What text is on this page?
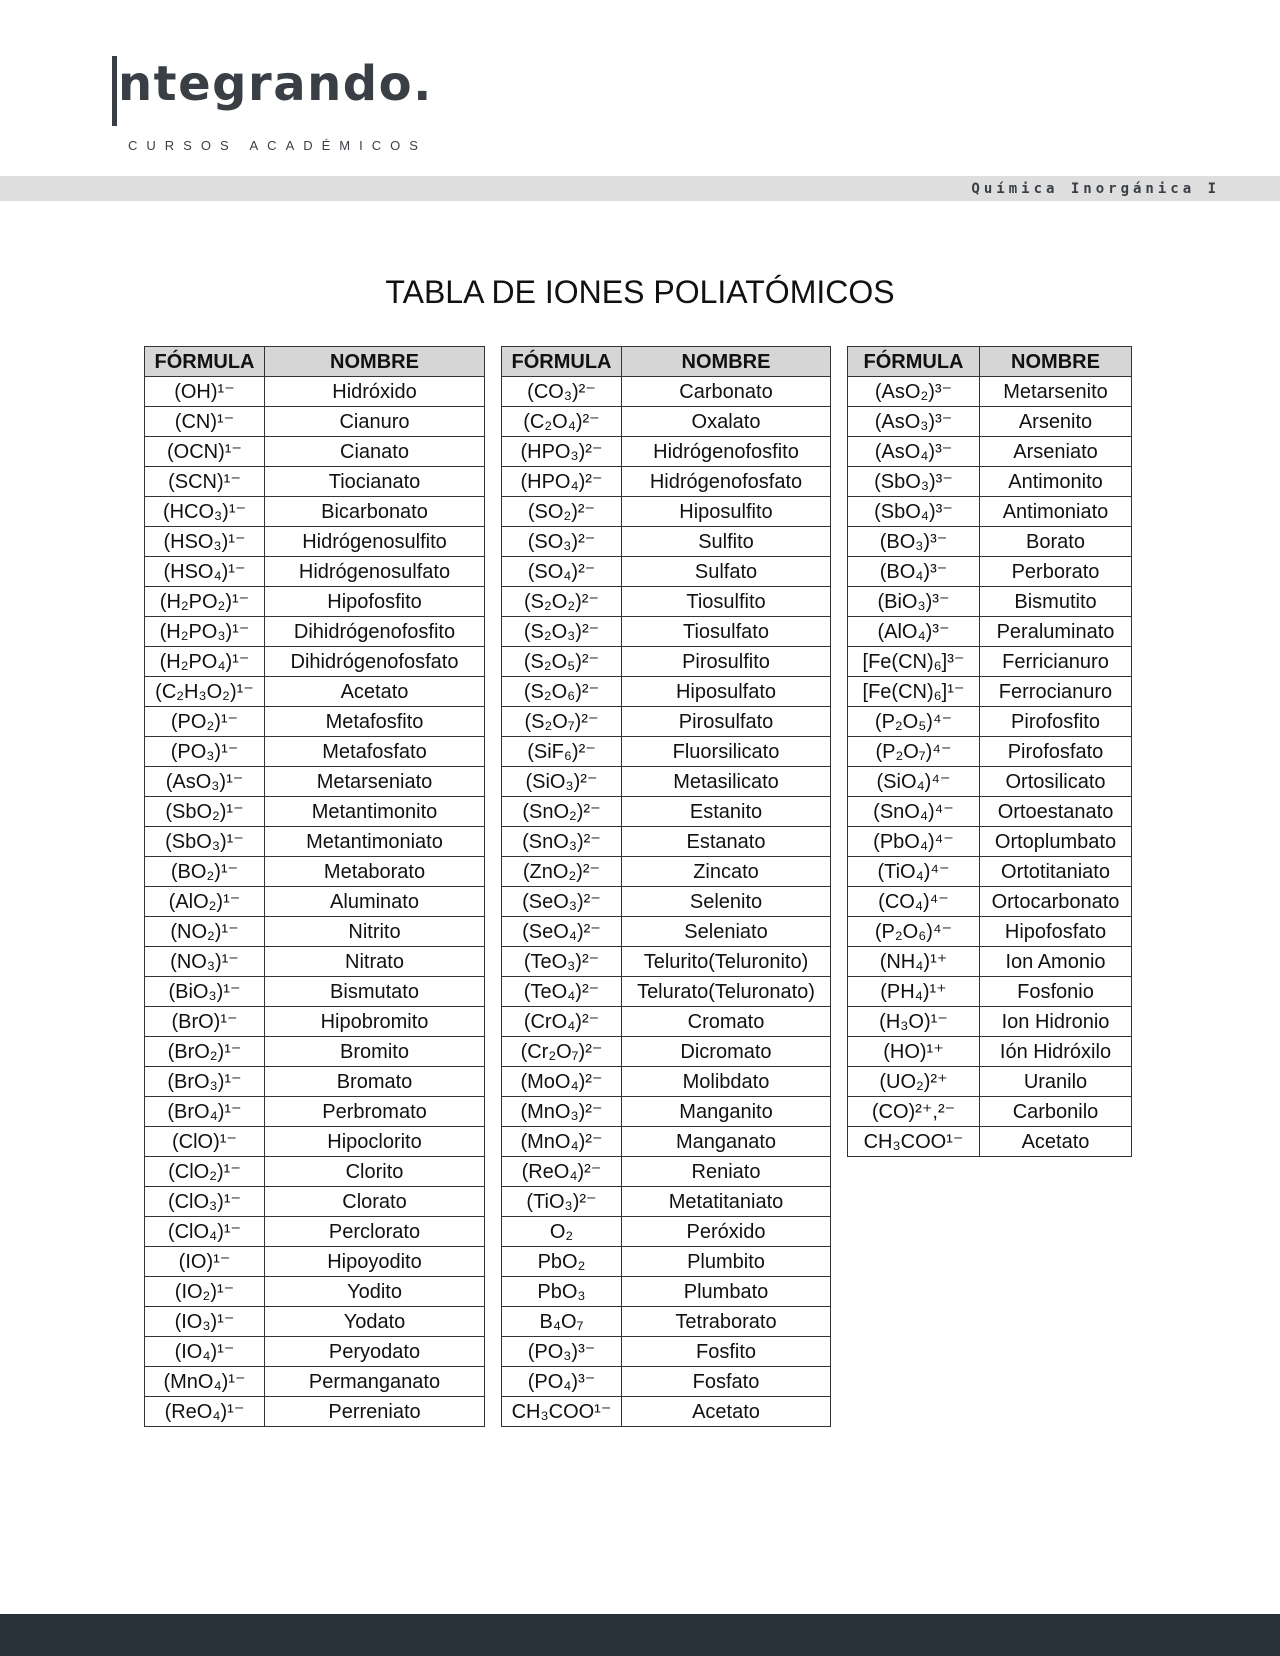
ntegrando.
CURSOS ACADÉMICOS
Química Inorgánica I
TABLA DE IONES POLIATÓMICOS
FÓRMULA	NOMBRE
(OH)¹⁻	Hidróxido
(CN)¹⁻	Cianuro
(OCN)¹⁻	Cianato
(SCN)¹⁻	Tiocianato
(HCO₃)¹⁻	Bicarbonato
(HSO₃)¹⁻	Hidrógenosulfito
(HSO₄)¹⁻	Hidrógenosulfato
(H₂PO₂)¹⁻	Hipofosfito
(H₂PO₃)¹⁻	Dihidrógenofosfito
(H₂PO₄)¹⁻	Dihidrógenofosfato
(C₂H₃O₂)¹⁻	Acetato
(PO₂)¹⁻	Metafosfito
(PO₃)¹⁻	Metafosfato
(AsO₃)¹⁻	Metarseniato
(SbO₂)¹⁻	Metantimonito
(SbO₃)¹⁻	Metantimoniato
(BO₂)¹⁻	Metaborato
(AlO₂)¹⁻	Aluminato
(NO₂)¹⁻	Nitrito
(NO₃)¹⁻	Nitrato
(BiO₃)¹⁻	Bismutato
(BrO)¹⁻	Hipobromito
(BrO₂)¹⁻	Bromito
(BrO₃)¹⁻	Bromato
(BrO₄)¹⁻	Perbromato
(ClO)¹⁻	Hipoclorito
(ClO₂)¹⁻	Clorito
(ClO₃)¹⁻	Clorato
(ClO₄)¹⁻	Perclorato
(IO)¹⁻	Hipoyodito
(IO₂)¹⁻	Yodito
(IO₃)¹⁻	Yodato
(IO₄)¹⁻	Peryodato
(MnO₄)¹⁻	Permanganato
(ReO₄)¹⁻	Perreniato
FÓRMULA	NOMBRE
(CO₃)²⁻	Carbonato
(C₂O₄)²⁻	Oxalato
(HPO₃)²⁻	Hidrógenofosfito
(HPO₄)²⁻	Hidrógenofosfato
(SO₂)²⁻	Hiposulfito
(SO₃)²⁻	Sulfito
(SO₄)²⁻	Sulfato
(S₂O₂)²⁻	Tiosulfito
(S₂O₃)²⁻	Tiosulfato
(S₂O₅)²⁻	Pirosulfito
(S₂O₆)²⁻	Hiposulfato
(S₂O₇)²⁻	Pirosulfato
(SiF₆)²⁻	Fluorsilicato
(SiO₃)²⁻	Metasilicato
(SnO₂)²⁻	Estanito
(SnO₃)²⁻	Estanato
(ZnO₂)²⁻	Zincato
(SeO₃)²⁻	Selenito
(SeO₄)²⁻	Seleniato
(TeO₃)²⁻	Telurito(Teluronito)
(TeO₄)²⁻	Telurato(Teluronato)
(CrO₄)²⁻	Cromato
(Cr₂O₇)²⁻	Dicromato
(MoO₄)²⁻	Molibdato
(MnO₃)²⁻	Manganito
(MnO₄)²⁻	Manganato
(ReO₄)²⁻	Reniato
(TiO₃)²⁻	Metatitaniato
O₂	Peróxido
PbO₂	Plumbito
PbO₃	Plumbato
B₄O₇	Tetraborato
(PO₃)³⁻	Fosfito
(PO₄)³⁻	Fosfato
CH₃COO¹⁻	Acetato
FÓRMULA	NOMBRE
(AsO₂)³⁻	Metarsenito
(AsO₃)³⁻	Arsenito
(AsO₄)³⁻	Arseniato
(SbO₃)³⁻	Antimonito
(SbO₄)³⁻	Antimoniato
(BO₃)³⁻	Borato
(BO₄)³⁻	Perborato
(BiO₃)³⁻	Bismutito
(AlO₄)³⁻	Peraluminato
[Fe(CN)₆]³⁻	Ferricianuro
[Fe(CN)₆]¹⁻	Ferrocianuro
(P₂O₅)⁴⁻	Pirofosfito
(P₂O₇)⁴⁻	Pirofosfato
(SiO₄)⁴⁻	Ortosilicato
(SnO₄)⁴⁻	Ortoestanato
(PbO₄)⁴⁻	Ortoplumbato
(TiO₄)⁴⁻	Ortotitaniato
(CO₄)⁴⁻	Ortocarbonato
(P₂O₆)⁴⁻	Hipofosfato
(NH₄)¹⁺	Ion Amonio
(PH₄)¹⁺	Fosfonio
(H₃O)¹⁻	Ion Hidronio
(HO)¹⁺	Ión Hidróxilo
(UO₂)²⁺	Uranilo
(CO)²⁺,²⁻	Carbonilo
CH₃COO¹⁻	Acetato
